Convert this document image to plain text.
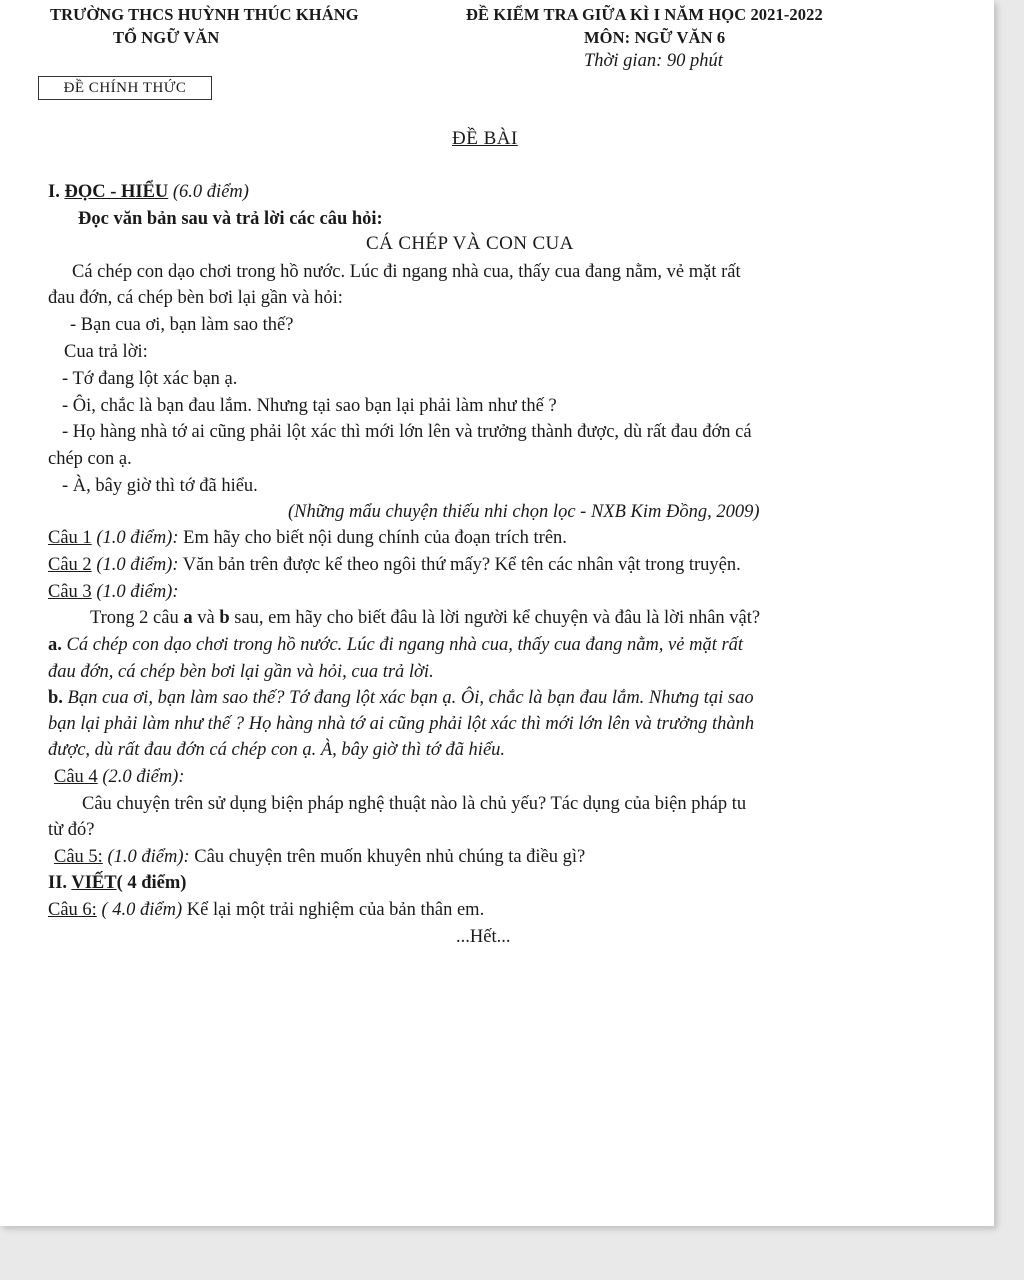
TRƯỜNG THCS HUỲNH THÚC KHÁNG
TỔ NGỮ VĂN
ĐỀ KIỂM TRA GIỮA KÌ I NĂM HỌC 2021-2022
MÔN: NGỮ VĂN 6
Thời gian: 90 phút
ĐỀ CHÍNH THỨC
ĐỀ BÀI
I. ĐỌC - HIỂU (6.0 điểm)
Đọc văn bản sau và trả lời các câu hỏi:
CÁ CHÉP VÀ CON CUA
Cá chép con dạo chơi trong hồ nước. Lúc đi ngang nhà cua, thấy cua đang nằm, vẻ mặt rất
đau đớn, cá chép bèn bơi lại gần và hỏi:
- Bạn cua ơi, bạn làm sao thế?
Cua trả lời:
- Tớ đang lột xác bạn ạ.
- Ôi, chắc là bạn đau lắm. Nhưng tại sao bạn lại phải làm như thế ?
- Họ hàng nhà tớ ai cũng phải lột xác thì mới lớn lên và trưởng thành được, dù rất đau đớn cá
chép con ạ.
- À, bây giờ thì tớ đã hiểu.
(Những mẩu chuyện thiếu nhi chọn lọc - NXB Kim Đồng, 2009)
Câu 1 (1.0 điểm): Em hãy cho biết nội dung chính của đoạn trích trên.
Câu 2 (1.0 điểm): Văn bản trên được kể theo ngôi thứ mấy? Kể tên các nhân vật trong truyện.
Câu 3 (1.0 điểm):
Trong 2 câu a và b sau, em hãy cho biết đâu là lời người kể chuyện và đâu là lời nhân vật?
a. Cá chép con dạo chơi trong hồ nước. Lúc đi ngang nhà cua, thấy cua đang nằm, vẻ mặt rất
đau đớn, cá chép bèn bơi lại gần và hỏi, cua trả lời.
b. Bạn cua ơi, bạn làm sao thế? Tớ đang lột xác bạn ạ. Ôi, chắc là bạn đau lắm. Nhưng tại sao
bạn lại phải làm như thế ? Họ hàng nhà tớ ai cũng phải lột xác thì mới lớn lên và trưởng thành
được, dù rất đau đớn cá chép con ạ. À, bây giờ thì tớ đã hiểu.
Câu 4 (2.0 điểm):
Câu chuyện trên sử dụng biện pháp nghệ thuật nào là chủ yếu? Tác dụng của biện pháp tu
từ đó?
Câu 5: (1.0 điểm): Câu chuyện trên muốn khuyên nhủ chúng ta điều gì?
II. VIẾT( 4 điểm)
Câu 6: ( 4.0 điểm) Kể lại một trải nghiệm của bản thân em.
...Hết...
